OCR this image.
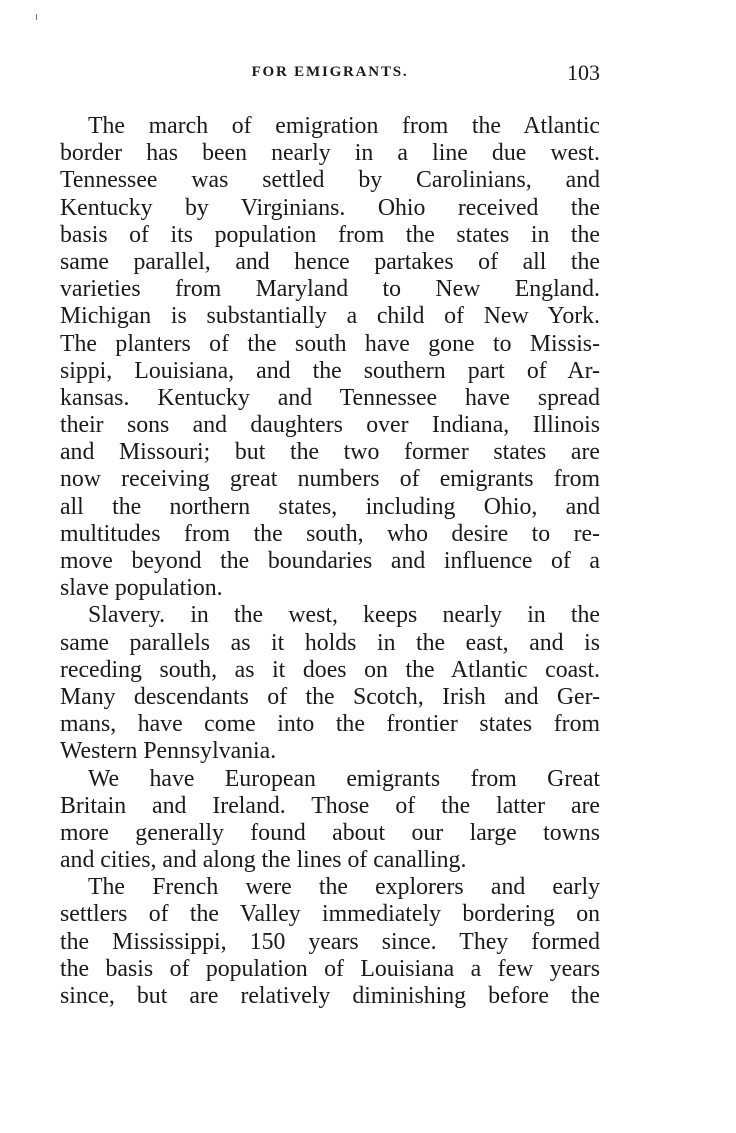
FOR EMIGRANTS.	103
The march of emigration from the Atlantic
border has been nearly in a line due west.
Tennessee was settled by Carolinians, and
Kentucky by Virginians. Ohio received the
basis of its population from the states in the
same parallel, and hence partakes of all the
varieties from Maryland to New England.
Michigan is substantially a child of New York.
The planters of the south have gone to Missis-
sippi, Louisiana, and the southern part of Ar-
kansas. Kentucky and Tennessee have spread
their sons and daughters over Indiana, Illinois
and Missouri; but the two former states are
now receiving great numbers of emigrants from
all the northern states, including Ohio, and
multitudes from the south, who desire to re-
move beyond the boundaries and influence of a
slave population.
Slavery. in the west, keeps nearly in the
same parallels as it holds in the east, and is
receding south, as it does on the Atlantic coast.
Many descendants of the Scotch, Irish and Ger-
mans, have come into the frontier states from
Western Pennsylvania.
We have European emigrants from Great
Britain and Ireland. Those of the latter are
more generally found about our large towns
and cities, and along the lines of canalling.
The French were the explorers and early
settlers of the Valley immediately bordering on
the Mississippi, 150 years since. They formed
the basis of population of Louisiana a few years
since, but are relatively diminishing before the
